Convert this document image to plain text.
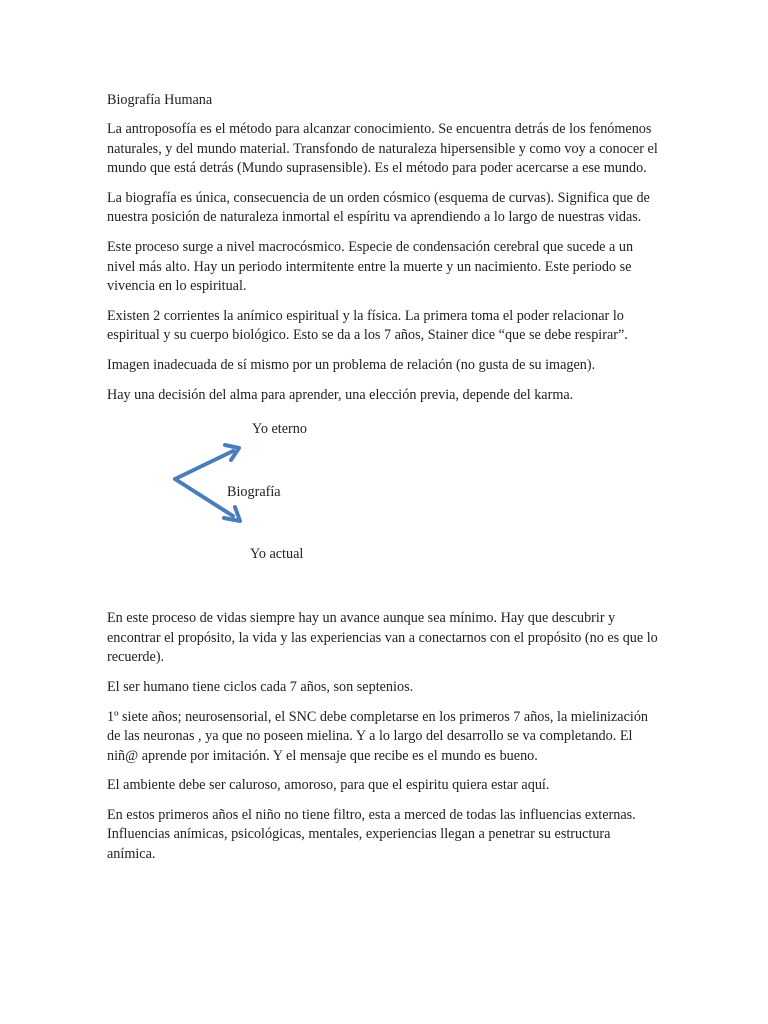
Biografía Humana

La antroposofía es el método para alcanzar conocimiento. Se encuentra detrás de los fenómenos naturales, y del mundo material. Transfondo de naturaleza hipersensible y como voy a conocer el mundo que está detrás (Mundo suprasensible). Es el método para poder acercarse a ese mundo.

La biografía es única, consecuencia de un orden cósmico (esquema de curvas). Significa que de nuestra posición de naturaleza inmortal el espíritu va aprendiendo a lo largo de nuestras vidas.

Este proceso surge a nivel macrocósmico. Especie de condensación cerebral que sucede a un nivel más alto. Hay un periodo intermitente entre la muerte y un nacimiento. Este periodo se vivencia en lo espiritual.

Existen 2 corrientes la anímico espiritual y la física. La primera toma el poder relacionar lo espiritual y su cuerpo biológico. Esto se da a los 7 años, Stainer dice “que se debe respirar”.

Imagen inadecuada de sí mismo por un problema de relación (no gusta de su imagen).

Hay una decisión del alma para aprender, una elección previa, depende del karma.

Yo eterno
Biografía
Yo actual

En este proceso de vidas siempre hay un avance aunque sea mínimo. Hay que descubrir y encontrar el propósito, la vida y las experiencias van a conectarnos con el propósito (no es que lo recuerde).

El ser humano tiene ciclos cada 7 años, son septenios.

1º siete años; neurosensorial, el SNC debe completarse en los primeros 7 años, la mielinización de las neuronas , ya que no poseen mielina. Y a lo largo del desarrollo se va completando. El niñ@ aprende por imitación. Y el mensaje que recibe es el mundo es bueno.

El ambiente debe ser caluroso, amoroso, para que el espiritu quiera estar aquí.

En estos primeros años el niño no tiene filtro, esta a merced de todas las influencias externas. Influencias anímicas, psicológicas, mentales, experiencias llegan a penetrar su estructura anímica.
